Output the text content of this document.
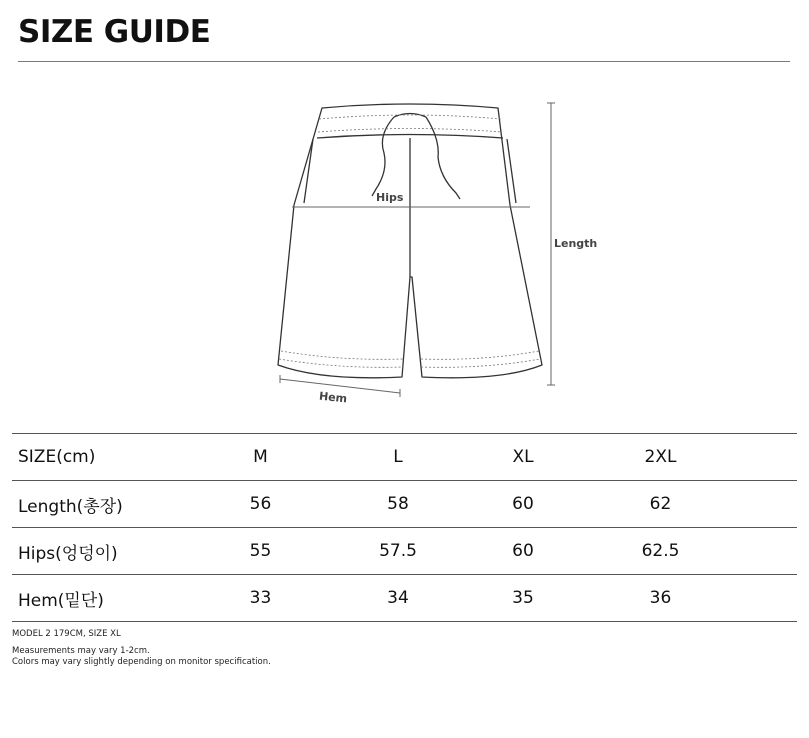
SIZE GUIDE
Hips
Length
Hem
SIZE(cm)	M	L	XL	2XL	
Length(총장)	56	58	60	62	
Hips(엉덩이)	55	57.5	60	62.5	
Hem(밑단)	33	34	35	36	
MODEL 2 179CM, SIZE XL
Measurements may vary 1-2cm.
Colors may vary slightly depending on monitor specification.
